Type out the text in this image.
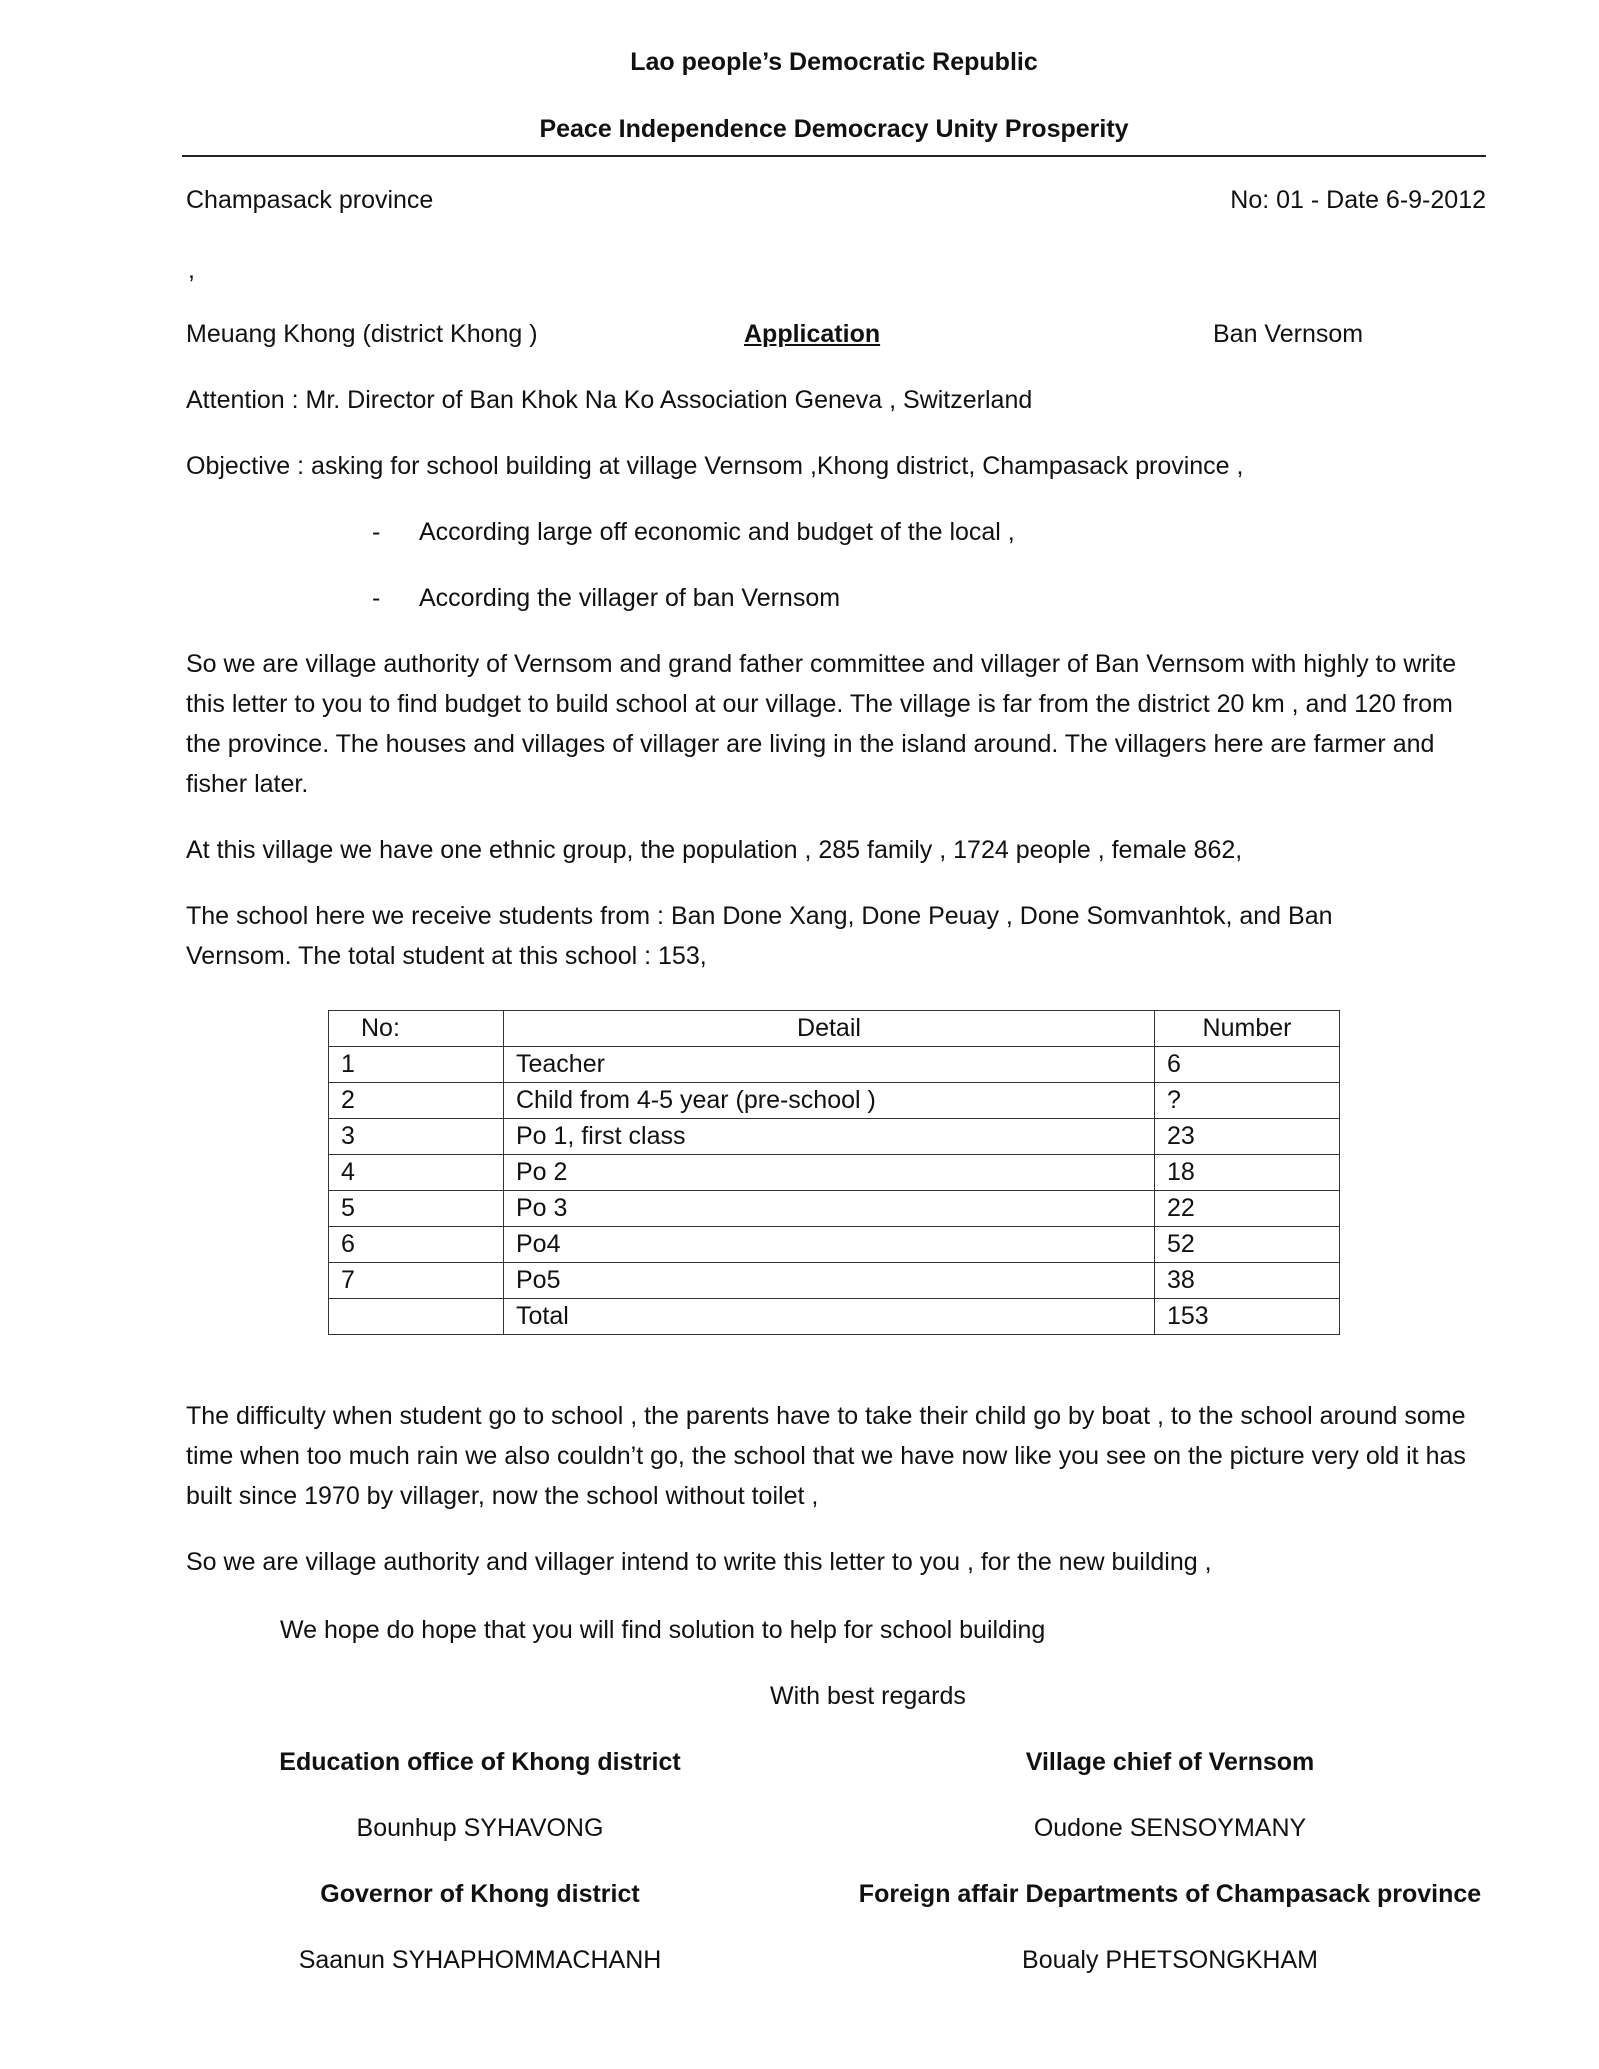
Lao people’s Democratic Republic
Peace Independence Democracy Unity Prosperity
Champasack province	No: 01 - Date 6-9-2012
,
Meuang Khong (district Khong )	Application	Ban Vernsom
Attention : Mr. Director of Ban Khok Na Ko Association Geneva , Switzerland
Objective : asking for school building at village Vernsom ,Khong district, Champasack province ,
- According large off economic and budget of the local ,
- According the villager of ban Vernsom
So we are village authority of Vernsom and grand father committee and villager of Ban Vernsom with highly to write this letter to you to find budget to build school at our village. The village is far from the district 20 km , and 120 from the province. The houses and villages of villager are living in the island around. The villagers here are farmer and fisher later.
At this village we have one ethnic group, the population , 285 family , 1724 people , female 862,
The school here we receive students from : Ban Done Xang, Done Peuay , Done Somvanhtok, and Ban Vernsom. The total student at this school : 153,
No:	Detail	Number
1	Teacher	6
2	Child from 4-5 year (pre-school )	?
3	Po 1, first class	23
4	Po 2	18
5	Po 3	22
6	Po4	52
7	Po5	38
	Total	153
The difficulty when student go to school , the parents have to take their child go by boat , to the school around some time when too much rain we also couldn’t go, the school that we have now like you see on the picture very old it has built since 1970 by villager, now the school without toilet ,
So we are village authority and villager intend to write this letter to you , for the new building ,
We hope do hope that you will find solution to help for school building
With best regards
Education office of Khong district	Village chief of Vernsom
Bounhup SYHAVONG	Oudone SENSOYMANY
Governor of Khong district	Foreign affair Departments of Champasack province
Saanun SYHAPHOMMACHANH	Boualy PHETSONGKHAM
